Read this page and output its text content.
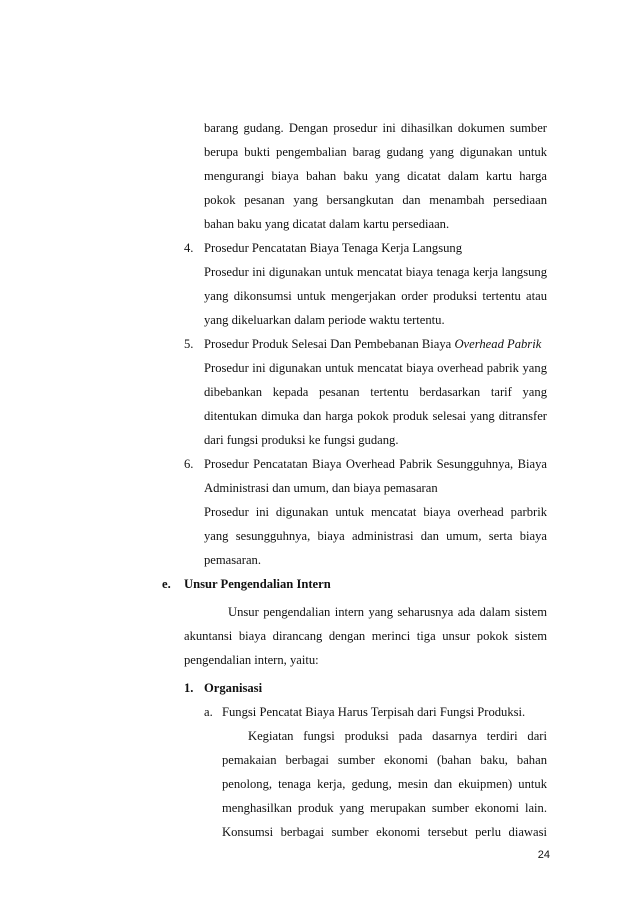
barang gudang. Dengan prosedur ini dihasilkan dokumen sumber
berupa bukti pengembalian barag gudang yang digunakan untuk
mengurangi biaya bahan baku yang dicatat dalam kartu harga
pokok pesanan yang bersangkutan dan menambah persediaan
bahan baku yang dicatat dalam kartu persediaan.
4. Prosedur Pencatatan Biaya Tenaga Kerja Langsung
Prosedur ini digunakan untuk mencatat biaya tenaga kerja langsung
yang dikonsumsi untuk mengerjakan order produksi tertentu atau
yang dikeluarkan dalam periode waktu tertentu.
5. Prosedur Produk Selesai Dan Pembebanan Biaya Overhead Pabrik
Prosedur ini digunakan untuk mencatat biaya overhead pabrik yang
dibebankan kepada pesanan tertentu berdasarkan tarif yang
ditentukan dimuka dan harga pokok produk selesai yang ditransfer
dari fungsi produksi ke fungsi gudang.
6. Prosedur Pencatatan Biaya Overhead Pabrik Sesungguhnya, Biaya
Administrasi dan umum, dan biaya pemasaran
Prosedur ini digunakan untuk mencatat biaya overhead parbrik
yang sesungguhnya, biaya administrasi dan umum, serta biaya
pemasaran.
e. Unsur Pengendalian Intern
Unsur pengendalian intern yang seharusnya ada dalam sistem
akuntansi biaya dirancang dengan merinci tiga unsur pokok sistem
pengendalian intern, yaitu:
1. Organisasi
a. Fungsi Pencatat Biaya Harus Terpisah dari Fungsi Produksi.
Kegiatan fungsi produksi pada dasarnya terdiri dari
pemakaian berbagai sumber ekonomi (bahan baku, bahan
penolong, tenaga kerja, gedung, mesin dan ekuipmen) untuk
menghasilkan produk yang merupakan sumber ekonomi lain.
Konsumsi berbagai sumber ekonomi tersebut perlu diawasi
24
